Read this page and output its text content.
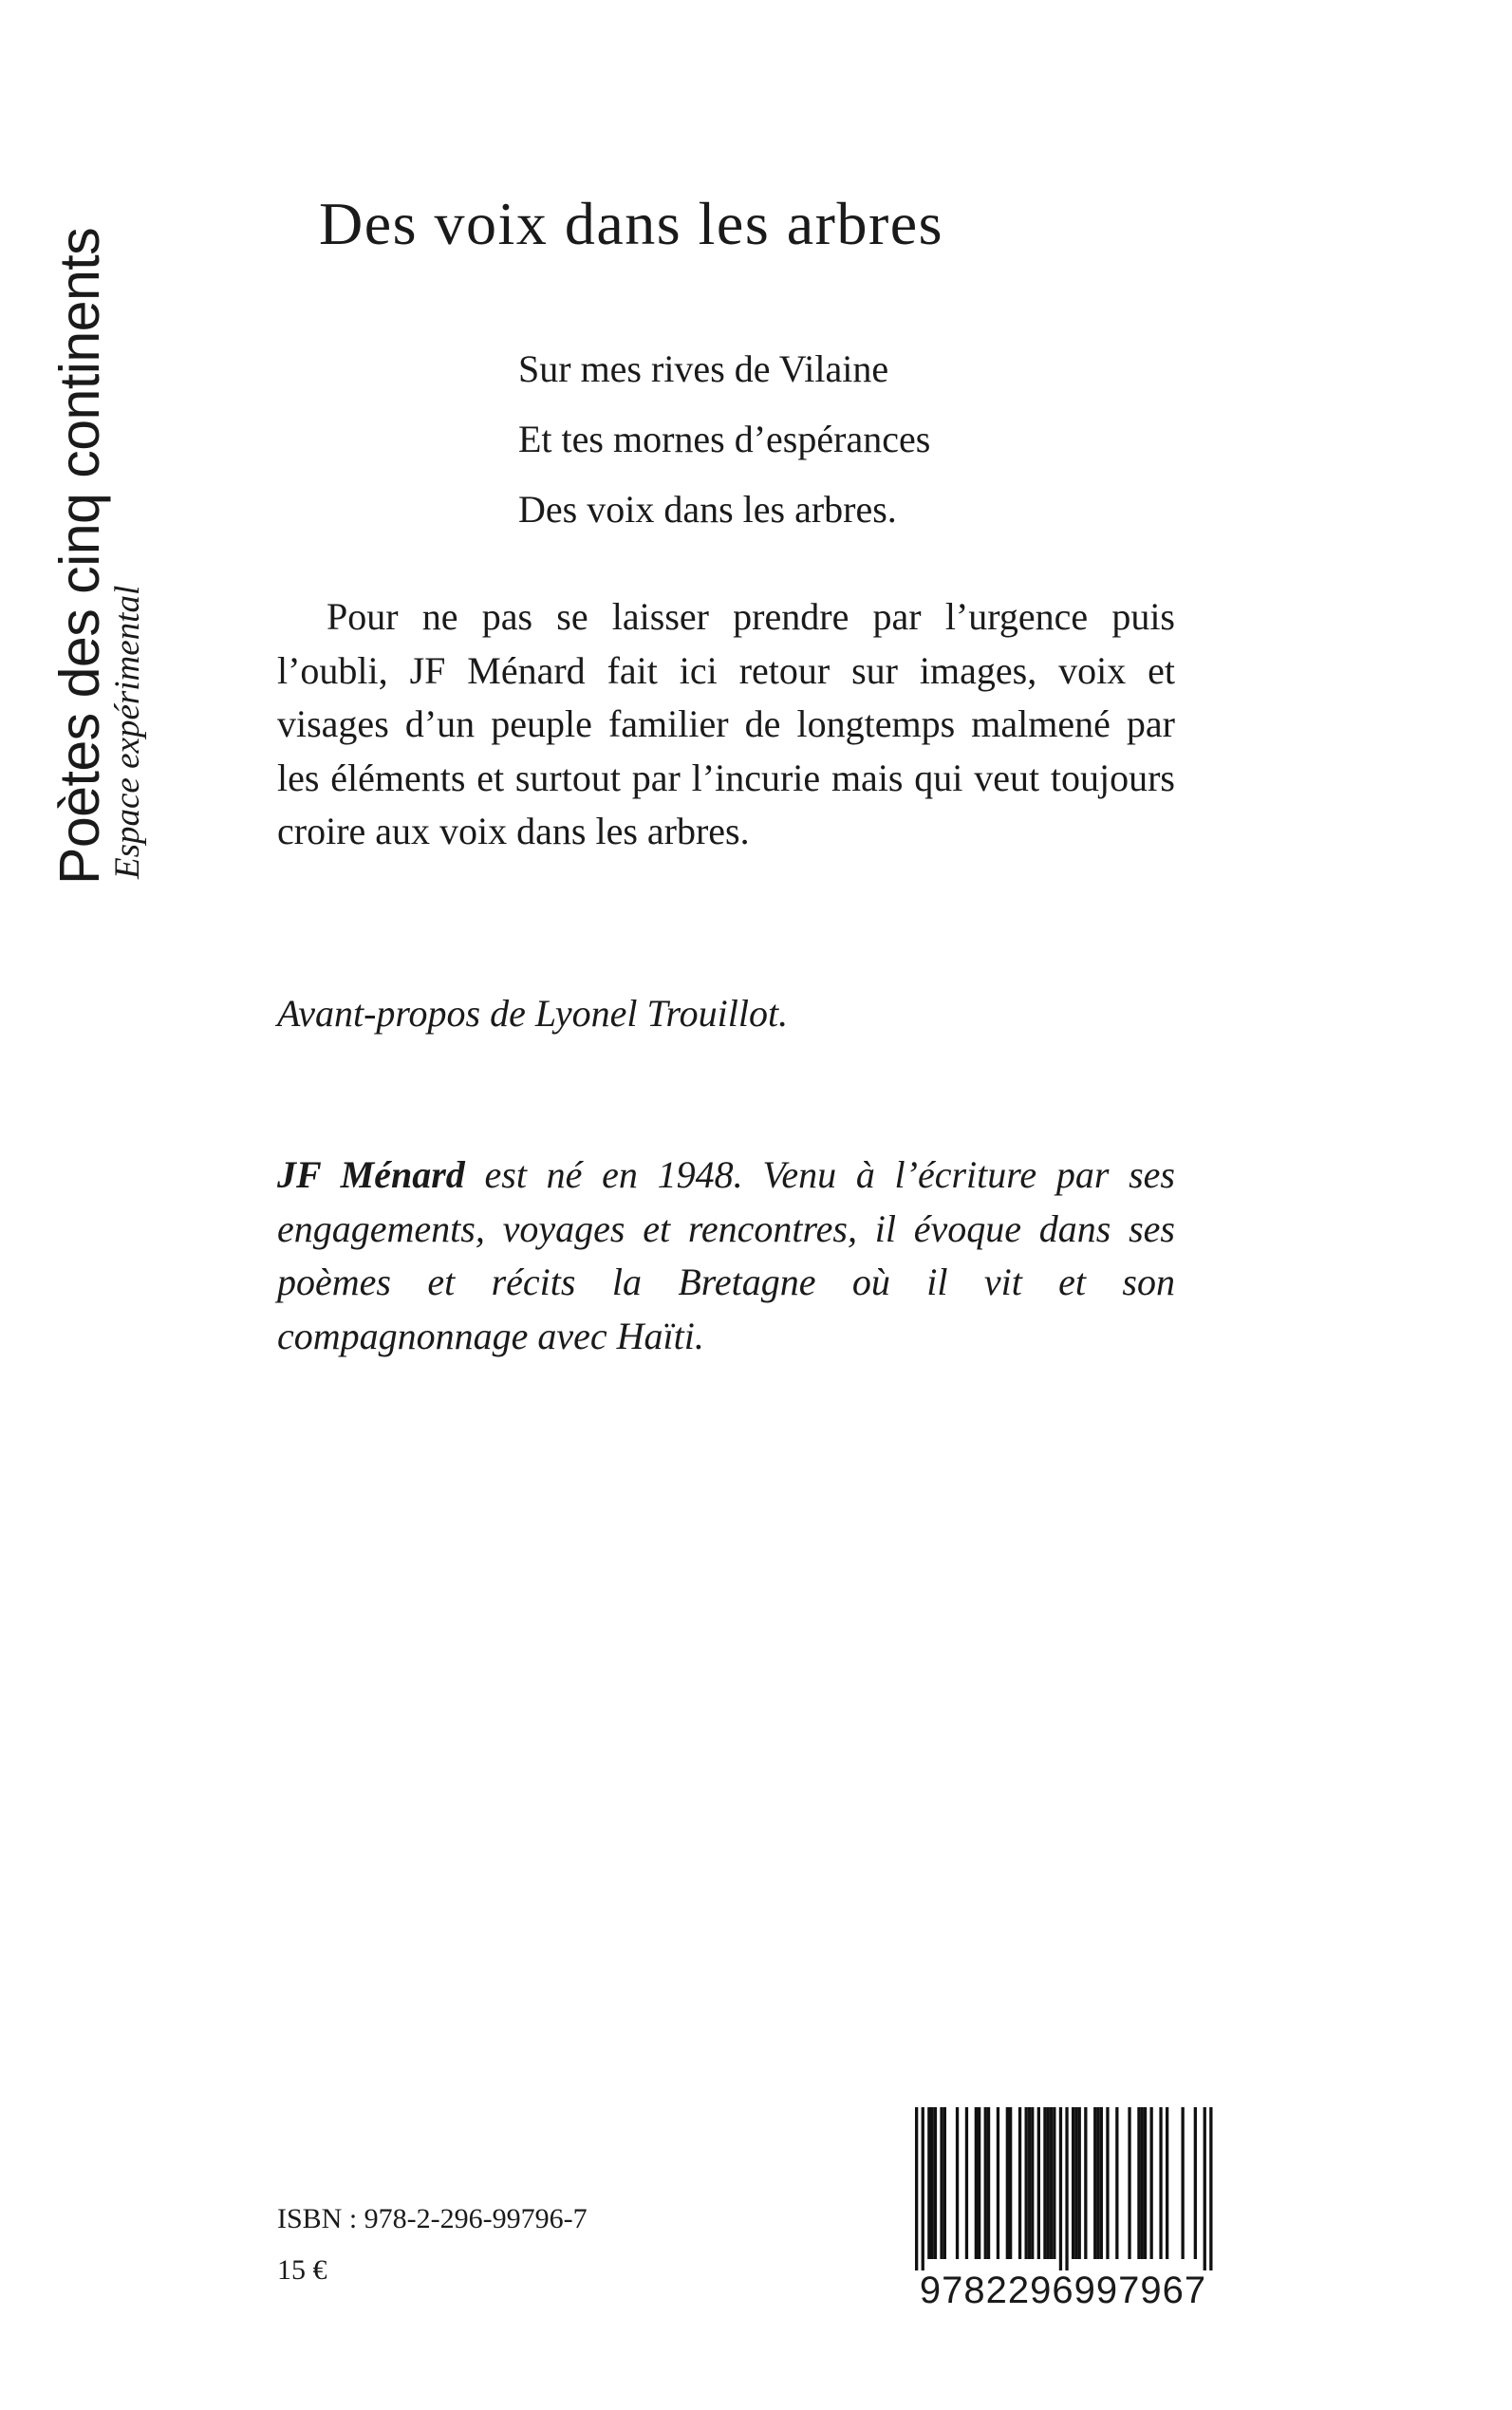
Poètes des cinq continents
Espace expérimental
Des voix dans les arbres
Sur mes rives de Vilaine
Et tes mornes d’espérances
Des voix dans les arbres.

Pour ne pas se laisser prendre par l’urgence puis l’oubli, JF Ménard fait ici retour sur images, voix et visages d’un peuple familier de longtemps malmené par les éléments et surtout par l’incurie mais qui veut toujours croire aux voix dans les arbres.

Avant-propos de Lyonel Trouillot.

JF Ménard est né en 1948. Venu à l’écriture par ses engagements, voyages et rencontres, il évoque dans ses poèmes et récits la Bretagne où il vit et son compagnonnage avec Haïti.

ISBN : 978-2-296-99796-7
15 €	9782296997967
